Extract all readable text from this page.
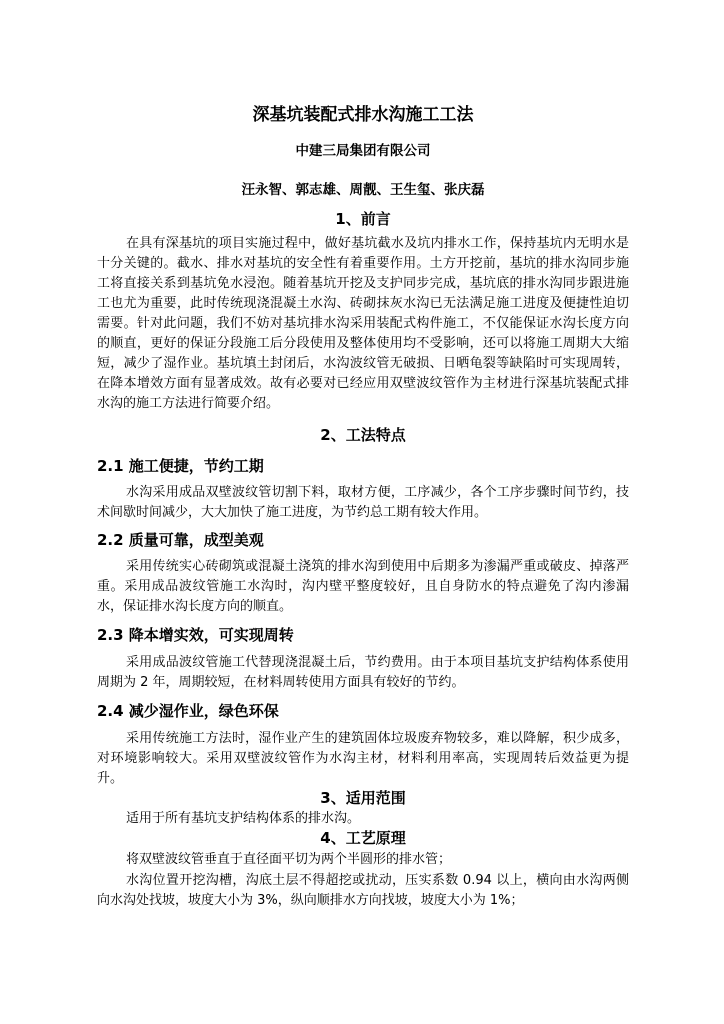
深基坑装配式排水沟施工工法
中建三局集团有限公司
汪永智、郭志雄、周靓、王生玺、张庆磊
1、前言

在具有深基坑的项目实施过程中，做好基坑截水及坑内排水工作，保持基坑内无明水是十分关键的。截水、排水对基坑的安全性有着重要作用。土方开挖前，基坑的排水沟同步施工将直接关系到基坑免水浸泡。随着基坑开挖及支护同步完成，基坑底的排水沟同步跟进施工也尤为重要，此时传统现浇混凝土水沟、砖砌抹灰水沟已无法满足施工进度及便捷性迫切需要。针对此问题，我们不妨对基坑排水沟采用装配式构件施工，不仅能保证水沟长度方向的顺直，更好的保证分段施工后分段使用及整体使用均不受影响，还可以将施工周期大大缩短，减少了湿作业。基坑填土封闭后，水沟波纹管无破损、日晒龟裂等缺陷时可实现周转，在降本增效方面有显著成效。故有必要对已经应用双壁波纹管作为主材进行深基坑装配式排水沟的施工方法进行简要介绍。

2、工法特点
2.1 施工便捷，节约工期

水沟采用成品双壁波纹管切割下料，取材方便，工序减少，各个工序步骤时间节约，技术间歇时间减少，大大加快了施工进度，为节约总工期有较大作用。

2.2 质量可靠，成型美观

采用传统实心砖砌筑或混凝土浇筑的排水沟到使用中后期多为渗漏严重或破皮、掉落严重。采用成品波纹管施工水沟时，沟内壁平整度较好，且自身防水的特点避免了沟内渗漏水，保证排水沟长度方向的顺直。

2.3 降本增实效，可实现周转

采用成品波纹管施工代替现浇混凝土后，节约费用。由于本项目基坑支护结构体系使用周期为 2 年，周期较短，在材料周转使用方面具有较好的节约。

2.4 减少湿作业，绿色环保

采用传统施工方法时，湿作业产生的建筑固体垃圾废弃物较多，难以降解，积少成多，对环境影响较大。采用双壁波纹管作为水沟主材，材料利用率高，实现周转后效益更为提升。

3、适用范围

适用于所有基坑支护结构体系的排水沟。

4、工艺原理

将双壁波纹管垂直于直径面平切为两个半圆形的排水管；

水沟位置开挖沟槽，沟底土层不得超挖或扰动，压实系数 0.94 以上，横向由水沟两侧向水沟处找坡，坡度大小为 3%，纵向顺排水方向找坡，坡度大小为 1%；
